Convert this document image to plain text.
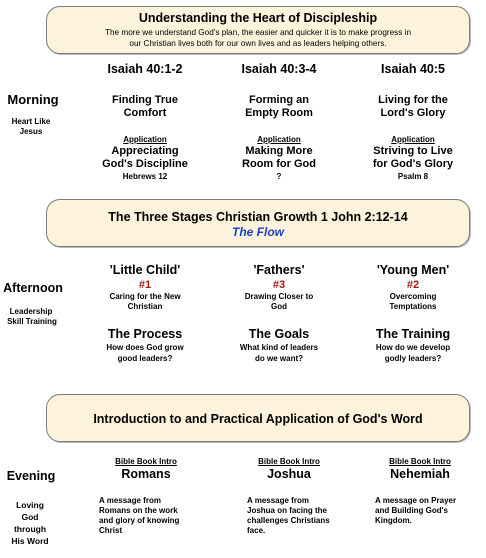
Understanding the Heart of Discipleship
The more we understand God's plan, the easier and quicker it is to make progress in
our Christian lives both for our own lives and as leaders helping others.
Morning
Heart Like
Jesus
Isaiah 40:1-2
Finding True
Comfort
Application
Appreciating
God's Discipline
Hebrews 12
Isaiah 40:3-4
Forming an
Empty Room
Application
Making More
Room for God
?
Isaiah 40:5
Living for the
Lord's Glory
Application
Striving to Live
for God's Glory
Psalm 8
The Three Stages Christian Growth 1 John 2:12-14
The Flow
Afternoon
Leadership
Skill Training
'Little Child'
#1
Caring for the New
Christian
The Process
How does God grow
good leaders?
'Fathers'
#3
Drawing Closer to
God
The Goals
What kind of leaders
do we want?
'Young Men'
#2
Overcoming
Temptations
The Training
How do we develop
godly leaders?
Introduction to and Practical Application of God's Word
Evening
Loving
God
through
His Word
Bible Book Intro
Romans
A message from
Romans on the work
and glory of knowing
Christ
Bible Book Intro
Joshua
A message from
Joshua on facing the
challenges Christians
face.
Bible Book Intro
Nehemiah
A message on Prayer
and Building God's
Kingdom.
